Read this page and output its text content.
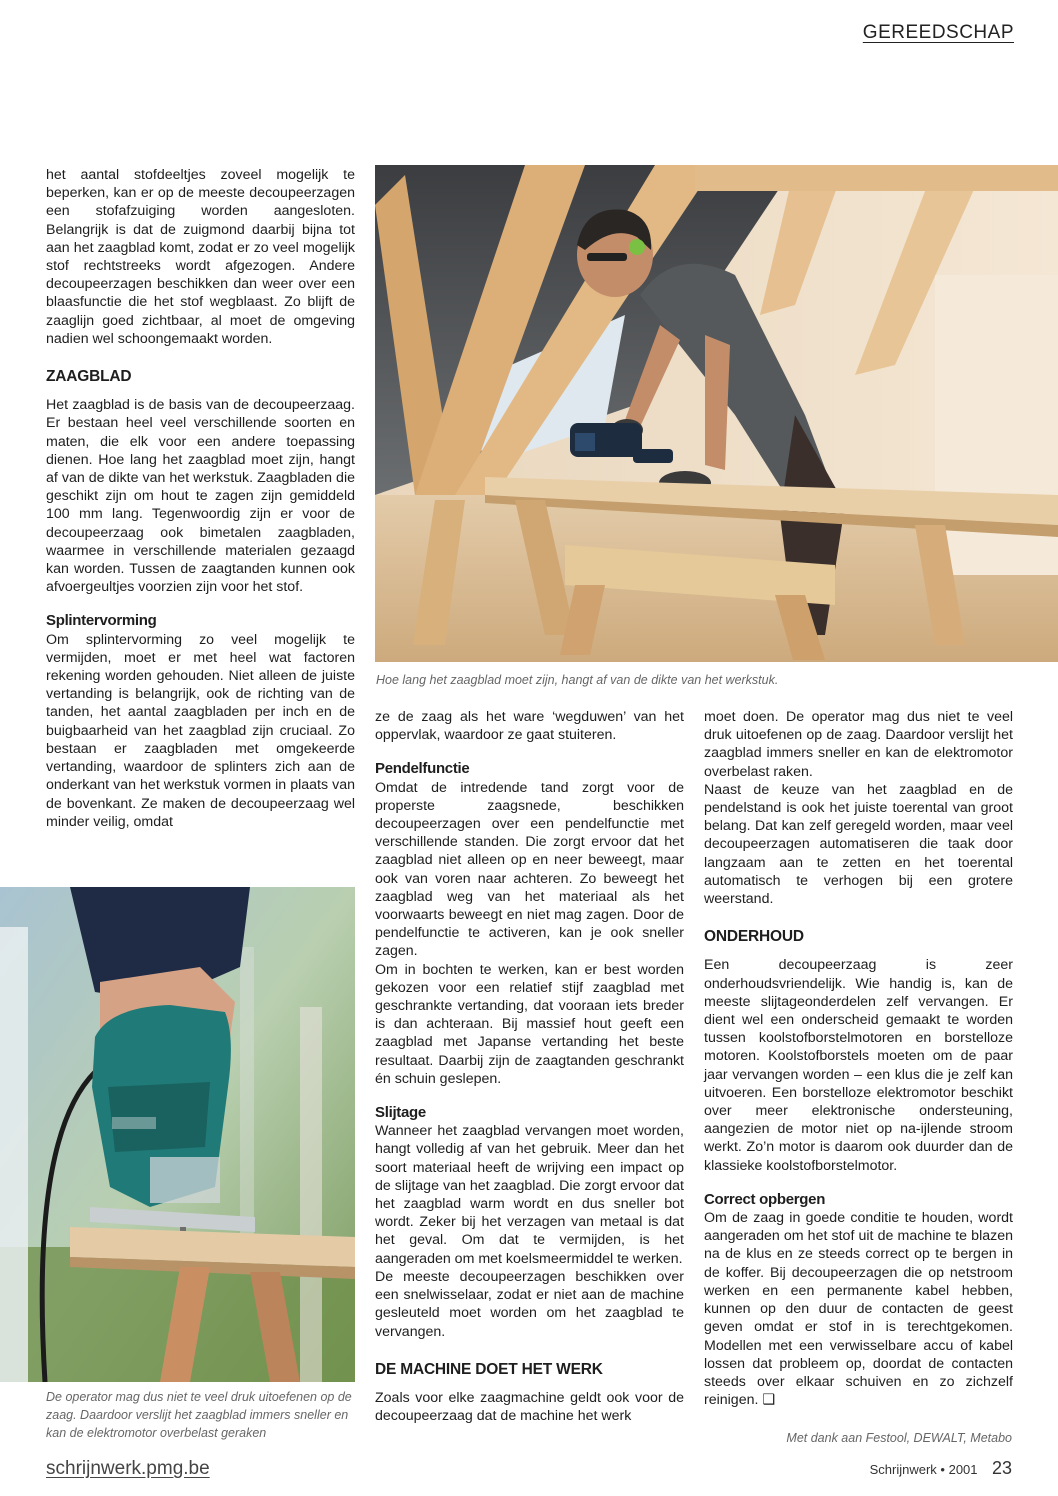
GEREEDSCHAP
Hoe lang het zaagblad moet zijn, hangt af van de dikte van het werkstuk.
De operator mag dus niet te veel druk uitoefenen op de zaag. Daardoor verslijt het zaagblad immers sneller en kan de elektromotor overbelast geraken

het aantal stofdeeltjes zoveel mogelijk te beperken, kan er op de meeste decoupeerzagen een stofafzuiging worden aangesloten. Belangrijk is dat de zuigmond daarbij bijna tot aan het zaagblad komt, zodat er zo veel mogelijk stof rechtstreeks wordt afgezogen. Andere decoupeerzagen beschikken dan weer over een blaasfunctie die het stof wegblaast. Zo blijft de zaaglijn goed zichtbaar, al moet de omgeving nadien wel schoongemaakt worden.

ZAAGBLAD

Het zaagblad is de basis van de decoupeerzaag. Er bestaan heel veel verschillende soorten en maten, die elk voor een andere toepassing dienen. Hoe lang het zaagblad moet zijn, hangt af van de dikte van het werkstuk. Zaagbladen die geschikt zijn om hout te zagen zijn gemiddeld 100 mm lang. Tegenwoordig zijn er voor de decoupeerzaag ook bimetalen zaagbladen, waarmee in verschillende materialen gezaagd kan worden. Tussen de zaagtanden kunnen ook afvoergeultjes voorzien zijn voor het stof.

Splintervorming

Om splintervorming zo veel mogelijk te vermijden, moet er met heel wat factoren rekening worden gehouden. Niet alleen de juiste vertanding is belangrijk, ook de richting van de tanden, het aantal zaagbladen per inch en de buigbaarheid van het zaagblad zijn cruciaal. Zo bestaan er zaagbladen met omgekeerde vertanding, waardoor de splinters zich aan de onderkant van het werkstuk vormen in plaats van de bovenkant. Ze maken de decoupeerzaag wel minder veilig, omdat

ze de zaag als het ware ‘wegduwen’ van het oppervlak, waardoor ze gaat stuiteren.

Pendelfunctie

Omdat de intredende tand zorgt voor de properste zaagsnede, beschikken decoupeerzagen over een pendelfunctie met verschillende standen. Die zorgt ervoor dat het zaagblad niet alleen op en neer beweegt, maar ook van voren naar achteren. Zo beweegt het zaagblad weg van het materiaal als het voorwaarts beweegt en niet mag zagen. Door de pendelfunctie te activeren, kan je ook sneller zagen.

Om in bochten te werken, kan er best worden gekozen voor een relatief stijf zaagblad met geschrankte vertanding, dat vooraan iets breder is dan achteraan. Bij massief hout geeft een zaagblad met Japanse vertanding het beste resultaat. Daarbij zijn de zaagtanden geschrankt én schuin geslepen.

Slijtage

Wanneer het zaagblad vervangen moet worden, hangt volledig af van het gebruik. Meer dan het soort materiaal heeft de wrijving een impact op de slijtage van het zaagblad. Die zorgt ervoor dat het zaagblad warm wordt en dus sneller bot wordt. Zeker bij het verzagen van metaal is dat het geval. Om dat te vermijden, is het aangeraden om met koelsmeermiddel te werken.

De meeste decoupeerzagen beschikken over een snelwisselaar, zodat er niet aan de machine gesleuteld moet worden om het zaagblad te vervangen.

DE MACHINE DOET HET WERK

Zoals voor elke zaagmachine geldt ook voor de decoupeerzaag dat de machine het werk

moet doen. De operator mag dus niet te veel druk uitoefenen op de zaag. Daardoor verslijt het zaagblad immers sneller en kan de elektromotor overbelast raken.

Naast de keuze van het zaagblad en de pendelstand is ook het juiste toerental van groot belang. Dat kan zelf geregeld worden, maar veel decoupeerzagen automatiseren die taak door langzaam aan te zetten en het toerental automatisch te verhogen bij een grotere weerstand.

ONDERHOUD

Een decoupeerzaag is zeer onderhoudsvriendelijk. Wie handig is, kan de meeste slijtageonderdelen zelf vervangen. Er dient wel een onderscheid gemaakt te worden tussen koolstofborstelmotoren en borstelloze motoren. Koolstofborstels moeten om de paar jaar vervangen worden – een klus die je zelf kan uitvoeren. Een borstelloze elektromotor beschikt over meer elektronische ondersteuning, aangezien de motor niet op na-ijlende stroom werkt. Zo’n motor is daarom ook duurder dan de klassieke koolstofborstelmotor.

Correct opbergen

Om de zaag in goede conditie te houden, wordt aangeraden om het stof uit de machine te blazen na de klus en ze steeds correct op te bergen in de koffer. Bij decoupeerzagen die op netstroom werken en een permanente kabel hebben, kunnen op den duur de contacten de geest geven omdat er stof in is terechtgekomen. Modellen met een verwisselbare accu of kabel lossen dat probleem op, doordat de contacten steeds over elkaar schuiven en zo zichzelf reinigen. ❑

Met dank aan Festool, DEWALT, Metabo
schrijnwerk.pmg.be	Schrijnwerk • 2001 23
